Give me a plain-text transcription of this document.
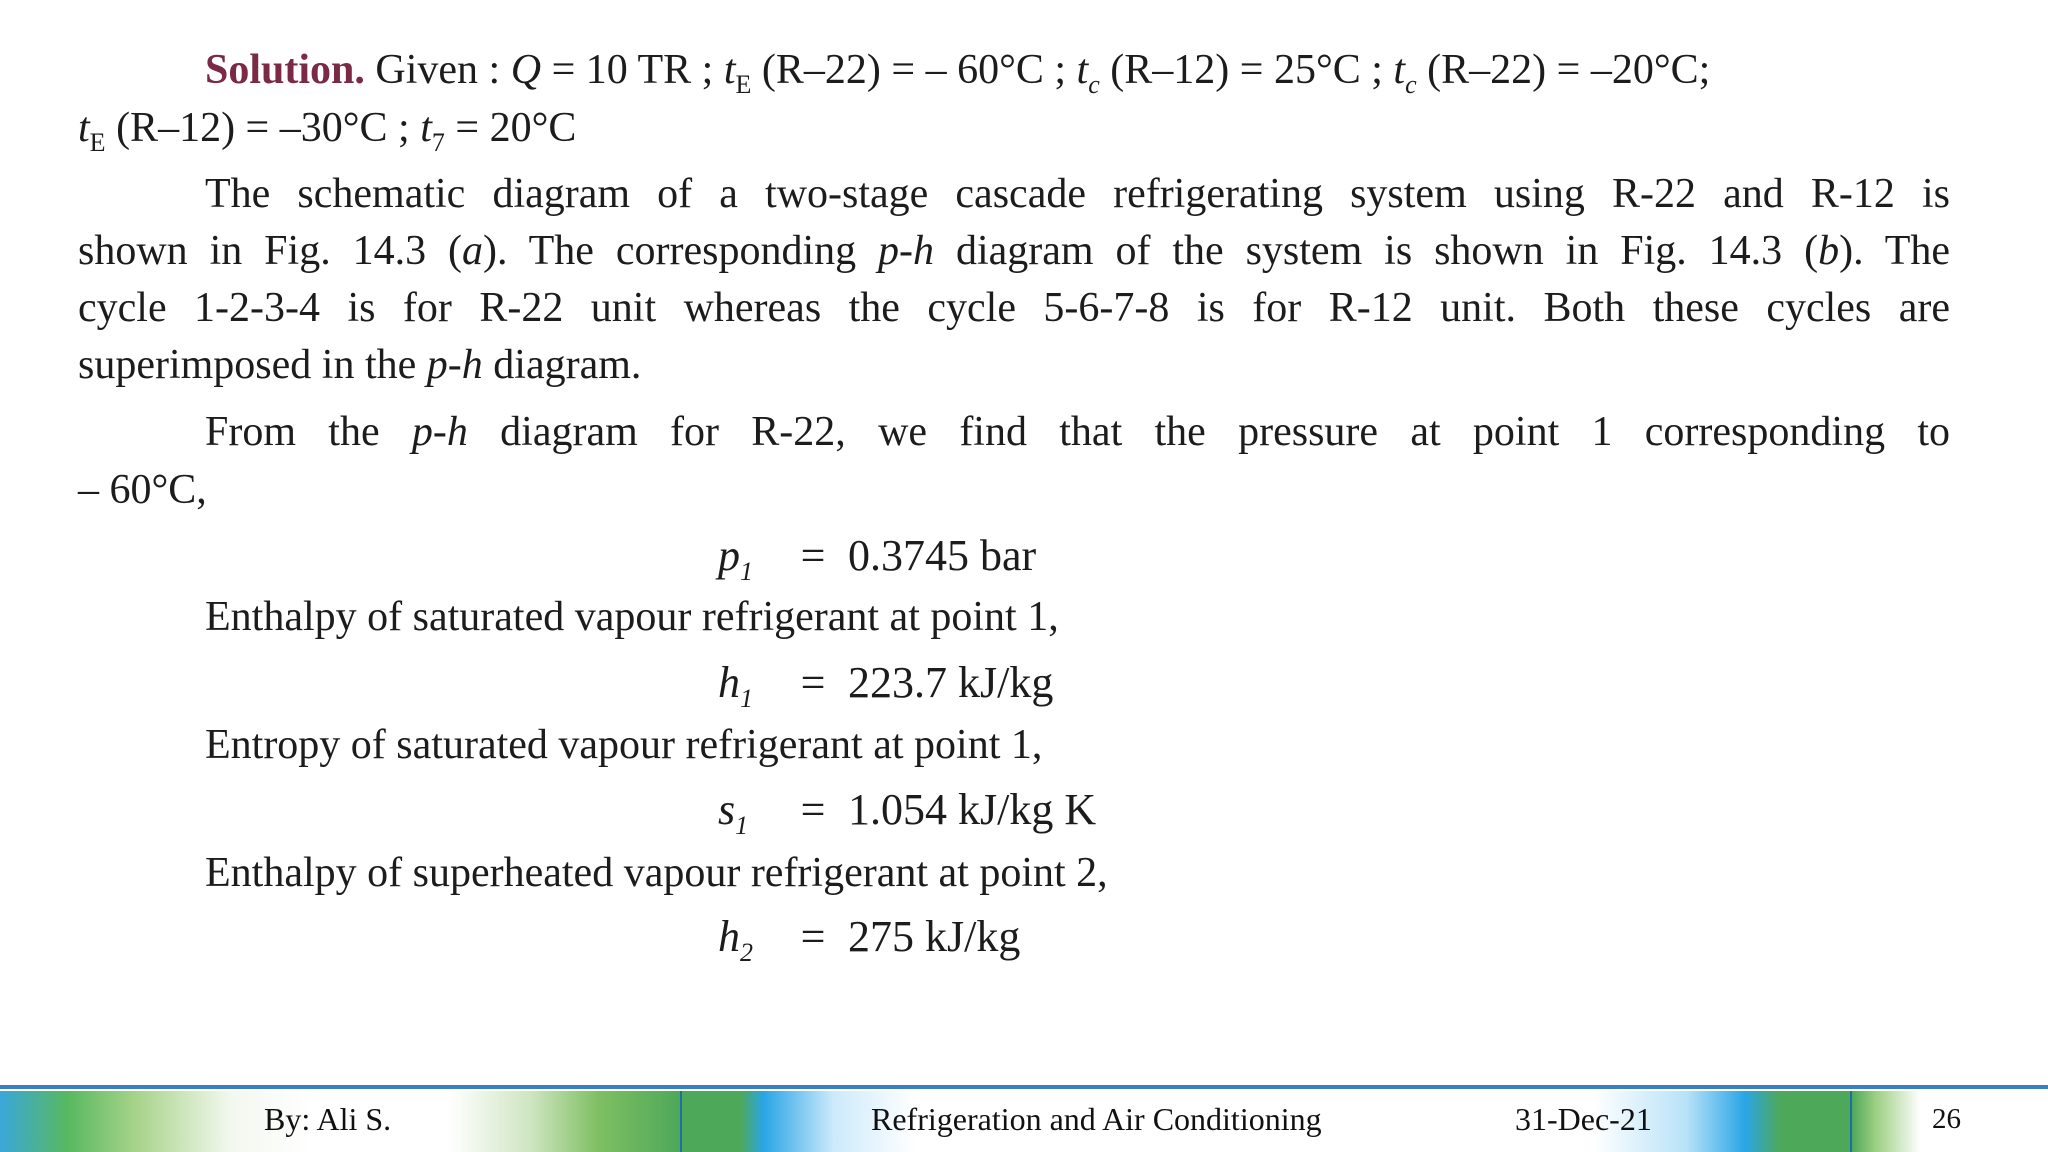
Solution. Given : Q = 10 TR ; $t_E$ (R–22) = – 60°C ; $t_c$ (R–12) = 25°C ; $t_c$ (R–22) = –20°C;
$t_E$ (R–12) = –30°C ; $t_7 = 20^\circ C$
The schematic diagram of a two-stage cascade refrigerating system using R-22 and R-12 is
shown in Fig. 14.3 (a). The corresponding p-h diagram of the system is shown in Fig. 14.3 (b). The
cycle 1-2-3-4 is for R-22 unit whereas the cycle 5-6-7-8 is for R-12 unit. Both these cycles are
superimposed in the p-h diagram.
From the p-h diagram for R-22, we find that the pressure at point 1 corresponding to
– 60°C,
$p_1 = 0.3745$ bar
Enthalpy of saturated vapour refrigerant at point 1,
$h_1 = 223.7$ kJ/kg
Entropy of saturated vapour refrigerant at point 1,
$s_1 = 1.054$ kJ/kg K
Enthalpy of superheated vapour refrigerant at point 2,
$h_2 = 275$ kJ/kg
By: Ali S.	Refrigeration and Air Conditioning	31-Dec-21	26
